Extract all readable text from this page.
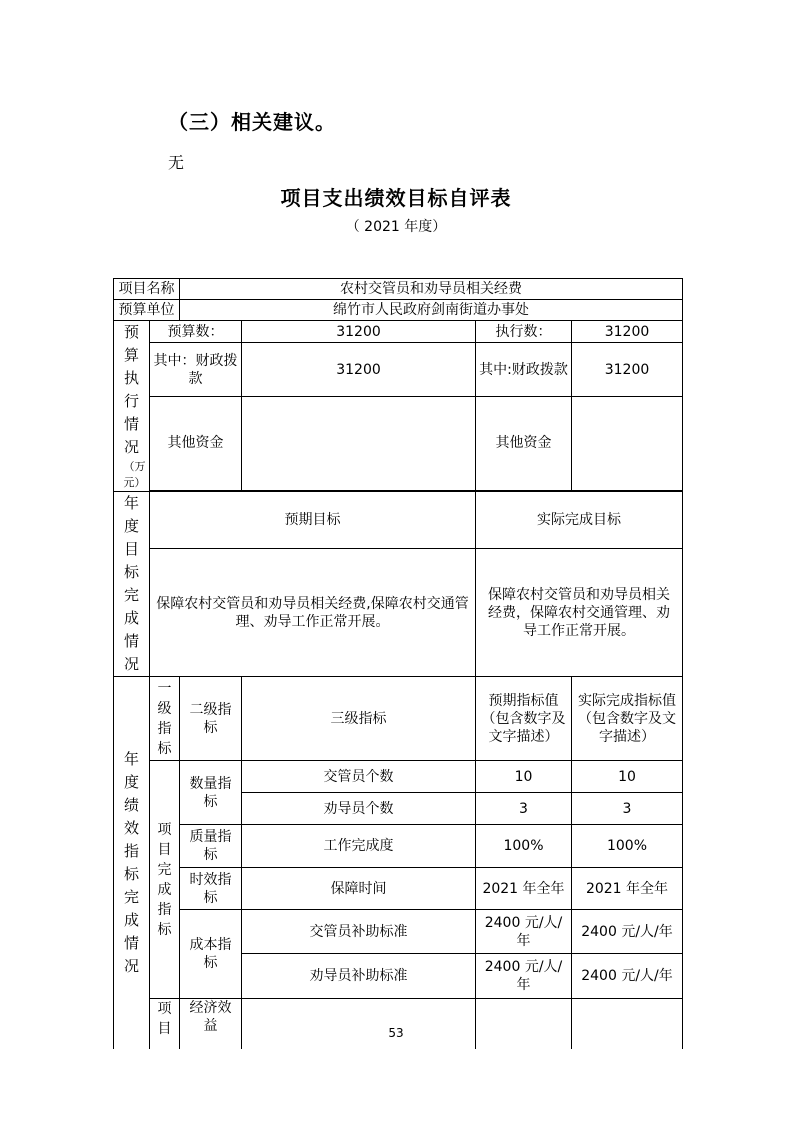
（三）相关建议。
无
项目支出绩效目标自评表
（ 2021 年度）
项目名称		农村交管员和劝导员相关经费			
预算单位		绵竹市人民政府剑南街道办事处			

预算执行情况
（万元）	预算数：		31200	执行数：	31200
	其中：财政拨款		31200	其中:财政拨款	31200
	其他资金			其他资金	

年度目标完成情况	预期目标			实际完成目标	
	保障农村交管员和劝导员相关经费,保障农村交通管理、劝导工作正常开展。			保障农村交管员和劝导员相关经费，保障农村交通管理、劝导工作正常开展。	

年度绩效指标完成情况	一级指标	二级指标	三级指标	预期指标值（包含数字及文字描述）	实际完成指标值（包含数字及文字描述）

	项目完成指标	数量指标	交管员个数	10	10
			劝导员个数	3	3
		质量指标	工作完成度	100%	100%
		时效指标	保障时间	2021 年全年	2021 年全年
		成本指标	交管员补助标准	2400 元/人/年	2400 元/人/年
			劝导员补助标准	2400 元/人/年	2400 元/人/年

	项目	经济效益				53
